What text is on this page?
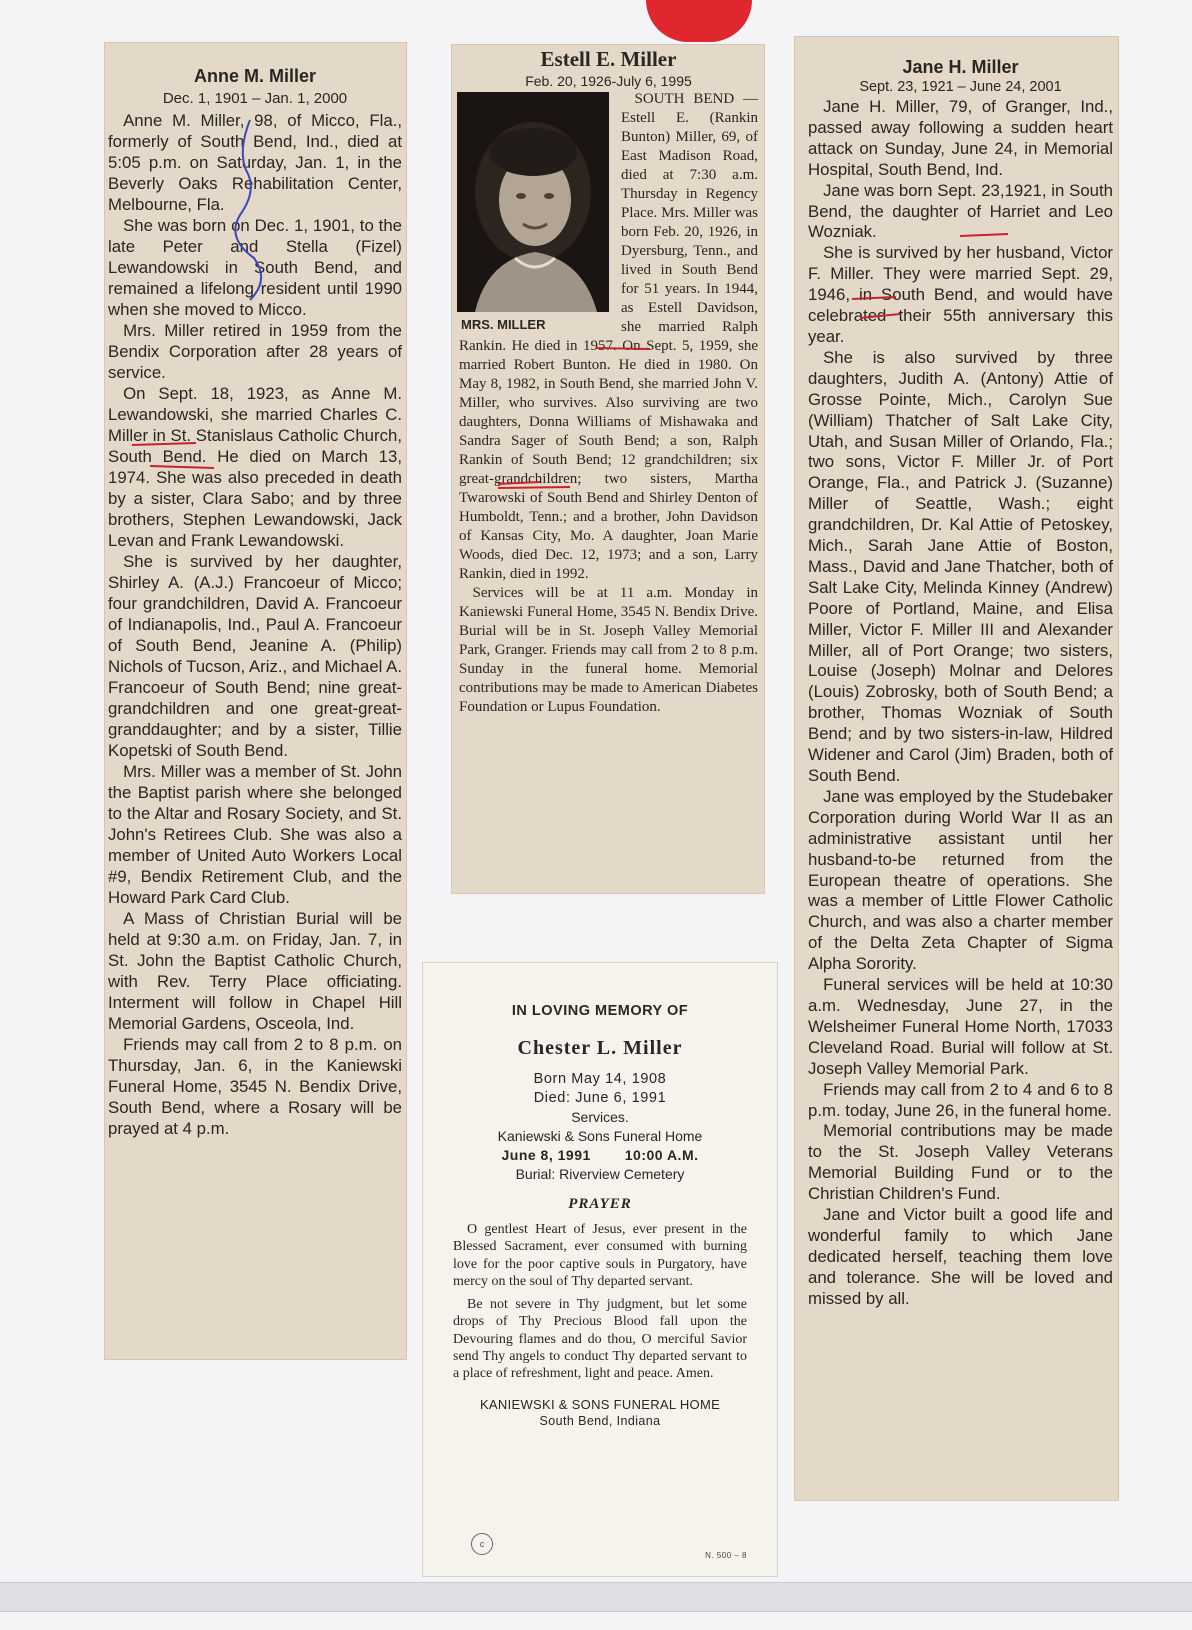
Anne M. Miller
Dec. 1, 1901 – Jan. 1, 2000

Anne M. Miller, 98, of Micco, Fla., formerly of South Bend, Ind., died at 5:05 p.m. on Saturday, Jan. 1, in the Beverly Oaks Rehabilitation Center, Melbourne, Fla.

She was born on Dec. 1, 1901, to the late Peter and Stella (Fizel) Lewandowski in South Bend, and remained a lifelong resident until 1990 when she moved to Micco.

Mrs. Miller retired in 1959 from the Bendix Corporation after 28 years of service.

On Sept. 18, 1923, as Anne M. Lewandowski, she married Charles C. Miller in St. Stanislaus Catholic Church, South Bend. He died on March 13, 1974. She was also preceded in death by a sister, Clara Sabo; and by three brothers, Stephen Lewandowski, Jack Levan and Frank Lewandowski.

She is survived by her daughter, Shirley A. (A.J.) Francoeur of Micco; four grandchildren, David A. Francoeur of Indianapolis, Ind., Paul A. Francoeur of South Bend, Jeanine A. (Philip) Nichols of Tucson, Ariz., and Michael A. Francoeur of South Bend; nine great-grandchildren and one great-great-granddaughter; and by a sister, Tillie Kopetski of South Bend.

Mrs. Miller was a member of St. John the Baptist parish where she belonged to the Altar and Rosary Society, and St. John's Retirees Club. She was also a member of United Auto Workers Local #9, Bendix Retirement Club, and the Howard Park Card Club.

A Mass of Christian Burial will be held at 9:30 a.m. on Friday, Jan. 7, in St. John the Baptist Catholic Church, with Rev. Terry Place officiating. Interment will follow in Chapel Hill Memorial Gardens, Osceola, Ind.

Friends may call from 2 to 8 p.m. on Thursday, Jan. 6, in the Kaniewski Funeral Home, 3545 N. Bendix Drive, South Bend, where a Rosary will be prayed at 4 p.m.

Estell E. Miller
Feb. 20, 1926-July 6, 1995
MRS. MILLER

SOUTH BEND — Estell E. (Rankin Bunton) Miller, 69, of East Madison Road, died at 7:30 a.m. Thursday in Regency Place. Mrs. Miller was born Feb. 20, 1926, in Dyersburg, Tenn., and lived in South Bend for 51 years. In 1944, as Estell Davidson, she married Ralph Rankin. He died in 1957. On Sept. 5, 1959, she married Robert Bunton. He died in 1980. On May 8, 1982, in South Bend, she married John V. Miller, who survives. Also surviving are two daughters, Donna Williams of Mishawaka and Sandra Sager of South Bend; a son, Ralph Rankin of South Bend; 12 grandchildren; six great-grandchildren; two sisters, Martha Twarowski of South Bend and Shirley Denton of Humboldt, Tenn.; and a brother, John Davidson of Kansas City, Mo. A daughter, Joan Marie Woods, died Dec. 12, 1973; and a son, Larry Rankin, died in 1992.

Services will be at 11 a.m. Monday in Kaniewski Funeral Home, 3545 N. Bendix Drive. Burial will be in St. Joseph Valley Memorial Park, Granger. Friends may call from 2 to 8 p.m. Sunday in the funeral home. Memorial contributions may be made to American Diabetes Foundation or Lupus Foundation.

Jane H. Miller
Sept. 23, 1921 – June 24, 2001

Jane H. Miller, 79, of Granger, Ind., passed away following a sudden heart attack on Sunday, June 24, in Memorial Hospital, South Bend, Ind.

Jane was born Sept. 23,1921, in South Bend, the daughter of Harriet and Leo Wozniak.

She is survived by her husband, Victor F. Miller. They were married Sept. 29, 1946, in South Bend, and would have celebrated their 55th anniversary this year.

She is also survived by three daughters, Judith A. (Antony) Attie of Grosse Pointe, Mich., Carolyn Sue (William) Thatcher of Salt Lake City, Utah, and Susan Miller of Orlando, Fla.; two sons, Victor F. Miller Jr. of Port Orange, Fla., and Patrick J. (Suzanne) Miller of Seattle, Wash.; eight grandchildren, Dr. Kal Attie of Petoskey, Mich., Sarah Jane Attie of Boston, Mass., David and Jane Thatcher, both of Salt Lake City, Melinda Kinney (Andrew) Poore of Portland, Maine, and Elisa Miller, Victor F. Miller III and Alexander Miller, all of Port Orange; two sisters, Louise (Joseph) Molnar and Delores (Louis) Zobrosky, both of South Bend; a brother, Thomas Wozniak of South Bend; and by two sisters-in-law, Hildred Widener and Carol (Jim) Braden, both of South Bend.

Jane was employed by the Studebaker Corporation during World War II as an administrative assistant until her husband-to-be returned from the European theatre of operations. She was a member of Little Flower Catholic Church, and was also a charter member of the Delta Zeta Chapter of Sigma Alpha Sorority.

Funeral services will be held at 10:30 a.m. Wednesday, June 27, in the Welsheimer Funeral Home North, 17033 Cleveland Road. Burial will follow at St. Joseph Valley Memorial Park.

Friends may call from 2 to 4 and 6 to 8 p.m. today, June 26, in the funeral home.

Memorial contributions may be made to the St. Joseph Valley Veterans Memorial Building Fund or to the Christian Children's Fund.

Jane and Victor built a good life and wonderful family to which Jane dedicated herself, teaching them love and tolerance. She will be loved and missed by all.

IN LOVING MEMORY OF
Chester L. Miller
Born May 14, 1908
Died: June 6, 1991
Services.
Kaniewski & Sons Funeral Home
June 8, 1991 10:00 A.M.
Burial: Riverview Cemetery
PRAYER

O gentlest Heart of Jesus, ever present in the Blessed Sacrament, ever consumed with burning love for the poor captive souls in Purgatory, have mercy on the soul of Thy departed servant.

Be not severe in Thy judgment, but let some drops of Thy Precious Blood fall upon the Devouring flames and do thou, O merciful Savior send Thy angels to conduct Thy departed servant to a place of refreshment, light and peace. Amen.

KANIEWSKI & SONS FUNERAL HOME
South Bend, Indiana
c
N. 500 – 8
